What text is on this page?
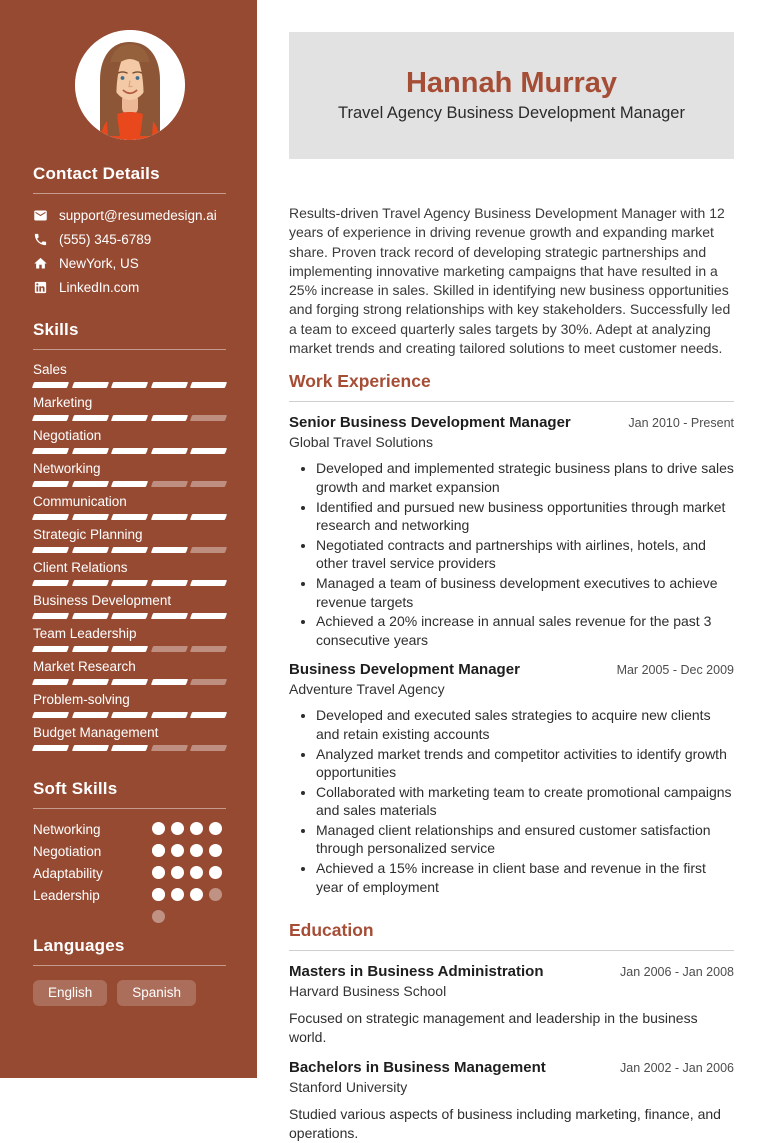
Contact Details
support@resumedesign.ai
(555) 345-6789
NewYork, US
LinkedIn.com
Skills
Sales
Marketing
Negotiation
Networking
Communication
Strategic Planning
Client Relations
Business Development
Team Leadership
Market Research
Problem-solving
Budget Management
Soft Skills
Networking
Negotiation
Adaptability
Leadership
Languages
English	Spanish
Hannah Murray
Travel Agency Business Development Manager

Results-driven Travel Agency Business Development Manager with 12 years of experience in driving revenue growth and expanding market share. Proven track record of developing strategic partnerships and implementing innovative marketing campaigns that have resulted in a 25% increase in sales. Skilled in identifying new business opportunities and forging strong relationships with key stakeholders. Successfully led a team to exceed quarterly sales targets by 30%. Adept at analyzing market trends and creating tailored solutions to meet customer needs.

Work Experience
Senior Business Development Manager	Jan 2010 - Present
Global Travel Solutions
• Developed and implemented strategic business plans to drive sales growth and market expansion
• Identified and pursued new business opportunities through market research and networking
• Negotiated contracts and partnerships with airlines, hotels, and other travel service providers
• Managed a team of business development executives to achieve revenue targets
• Achieved a 20% increase in annual sales revenue for the past 3 consecutive years
Business Development Manager	Mar 2005 - Dec 2009
Adventure Travel Agency
• Developed and executed sales strategies to acquire new clients and retain existing accounts
• Analyzed market trends and competitor activities to identify growth opportunities
• Collaborated with marketing team to create promotional campaigns and sales materials
• Managed client relationships and ensured customer satisfaction through personalized service
• Achieved a 15% increase in client base and revenue in the first year of employment
Education
Masters in Business Administration	Jan 2006 - Jan 2008
Harvard Business School
Focused on strategic management and leadership in the business world.
Bachelors in Business Management	Jan 2002 - Jan 2006
Stanford University
Studied various aspects of business including marketing, finance, and operations.
